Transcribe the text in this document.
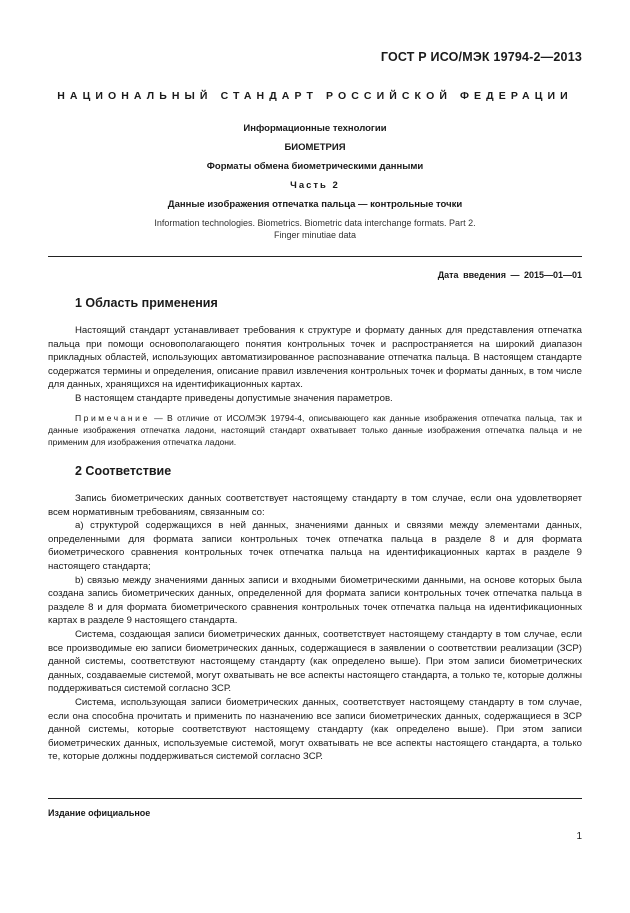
ГОСТ Р ИСО/МЭК 19794-2—2013
НАЦИОНАЛЬНЫЙ СТАНДАРТ РОССИЙСКОЙ ФЕДЕРАЦИИ
Информационные технологии
БИОМЕТРИЯ
Форматы обмена биометрическими данными
Часть 2
Данные изображения отпечатка пальца — контрольные точки
Information technologies. Biometrics. Biometric data interchange formats. Part 2.
Finger minutiae data
Дата введения — 2015—01—01
1 Область применения

Настоящий стандарт устанавливает требования к структуре и формату данных для представления отпечатка пальца при помощи основополагающего понятия контрольных точек и распространяется на широкий диапазон прикладных областей, использующих автоматизированное распознавание отпечатка пальца. В настоящем стандарте содержатся термины и определения, описание правил извлечения контрольных точек и форматы данных, в том числе для данных, хранящихся на идентификационных картах.

В настоящем стандарте приведены допустимые значения параметров.

Примечание — В отличие от ИСО/МЭК 19794-4, описывающего как данные изображения отпечатка пальца, так и данные изображения отпечатка ладони, настоящий стандарт охватывает только данные изображения отпечатка пальца и не применим для изображения отпечатка ладони.
2 Соответствие

Запись биометрических данных соответствует настоящему стандарту в том случае, если она удовлетворяет всем нормативным требованиям, связанным со:

а) структурой содержащихся в ней данных, значениями данных и связями между элементами данных, определенными для формата записи контрольных точек отпечатка пальца в разделе 8 и для формата биометрического сравнения контрольных точек отпечатка пальца на идентификационных картах в разделе 9 настоящего стандарта;

b) связью между значениями данных записи и входными биометрическими данными, на основе которых была создана запись биометрических данных, определенной для формата записи контрольных точек отпечатка пальца в разделе 8 и для формата биометрического сравнения контрольных точек отпечатка пальца на идентификационных картах в разделе 9 настоящего стандарта.

Система, создающая записи биометрических данных, соответствует настоящему стандарту в том случае, если все производимые ею записи биометрических данных, содержащиеся в заявлении о соответствии реализации (ЗСР) данной системы, соответствуют настоящему стандарту (как определено выше). При этом записи биометрических данных, создаваемые системой, могут охватывать не все аспекты настоящего стандарта, а только те, которые должны поддерживаться системой согласно ЗСР.

Система, использующая записи биометрических данных, соответствует настоящему стандарту в том случае, если она способна прочитать и применить по назначению все записи биометрических данных, содержащиеся в ЗСР данной системы, которые соответствуют настоящему стандарту (как определено выше). При этом записи биометрических данных, используемые системой, могут охватывать не все аспекты настоящего стандарта, а только те, которые должны поддерживаться системой согласно ЗСР.

Издание официальное
1
